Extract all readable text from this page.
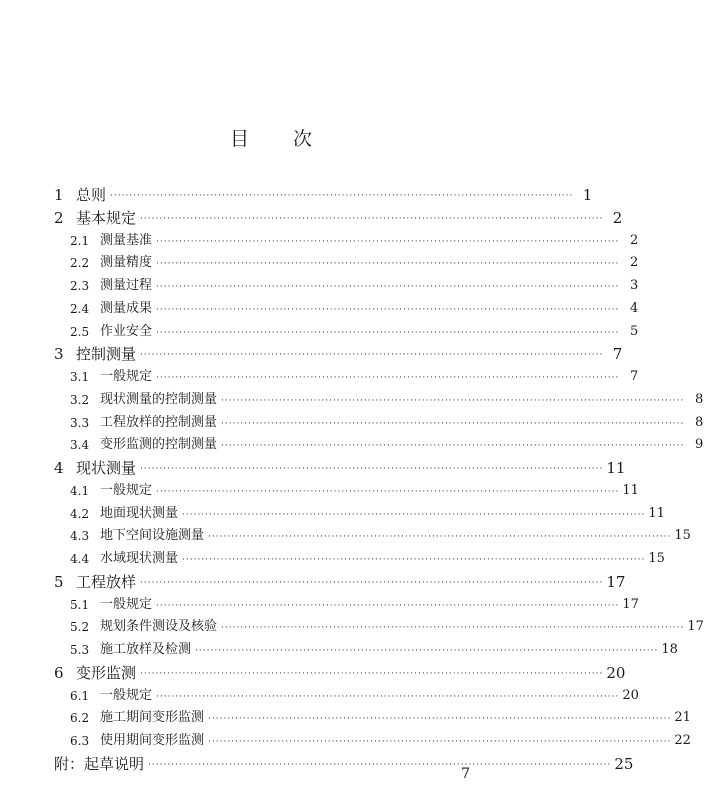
目 次
1 总则 ························································································································ 1
2 基本规定 ························································································································ 2
2.1 测量基准 ························································································································ 2
2.2 测量精度 ························································································································ 2
2.3 测量过程 ························································································································ 3
2.4 测量成果 ························································································································ 4
2.5 作业安全 ························································································································ 5
3 控制测量 ························································································································ 7
3.1 一般规定 ························································································································ 7
3.2 现状测量的控制测量 ························································································································ 8
3.3 工程放样的控制测量 ························································································································ 8
3.4 变形监测的控制测量 ························································································································ 9
4 现状测量 ························································································································ 11
4.1 一般规定 ························································································································ 11
4.2 地面现状测量 ························································································································ 11
4.3 地下空间设施测量 ························································································································ 15
4.4 水域现状测量 ························································································································ 15
5 工程放样 ························································································································ 17
5.1 一般规定 ························································································································ 17
5.2 规划条件测设及核验 ························································································································ 17
5.3 施工放样及检测 ························································································································ 18
6 变形监测 ························································································································ 20
6.1 一般规定 ························································································································ 20
6.2 施工期间变形监测 ························································································································ 21
6.3 使用期间变形监测 ························································································································ 22
附：起草说明 ························································································································ 25
7
